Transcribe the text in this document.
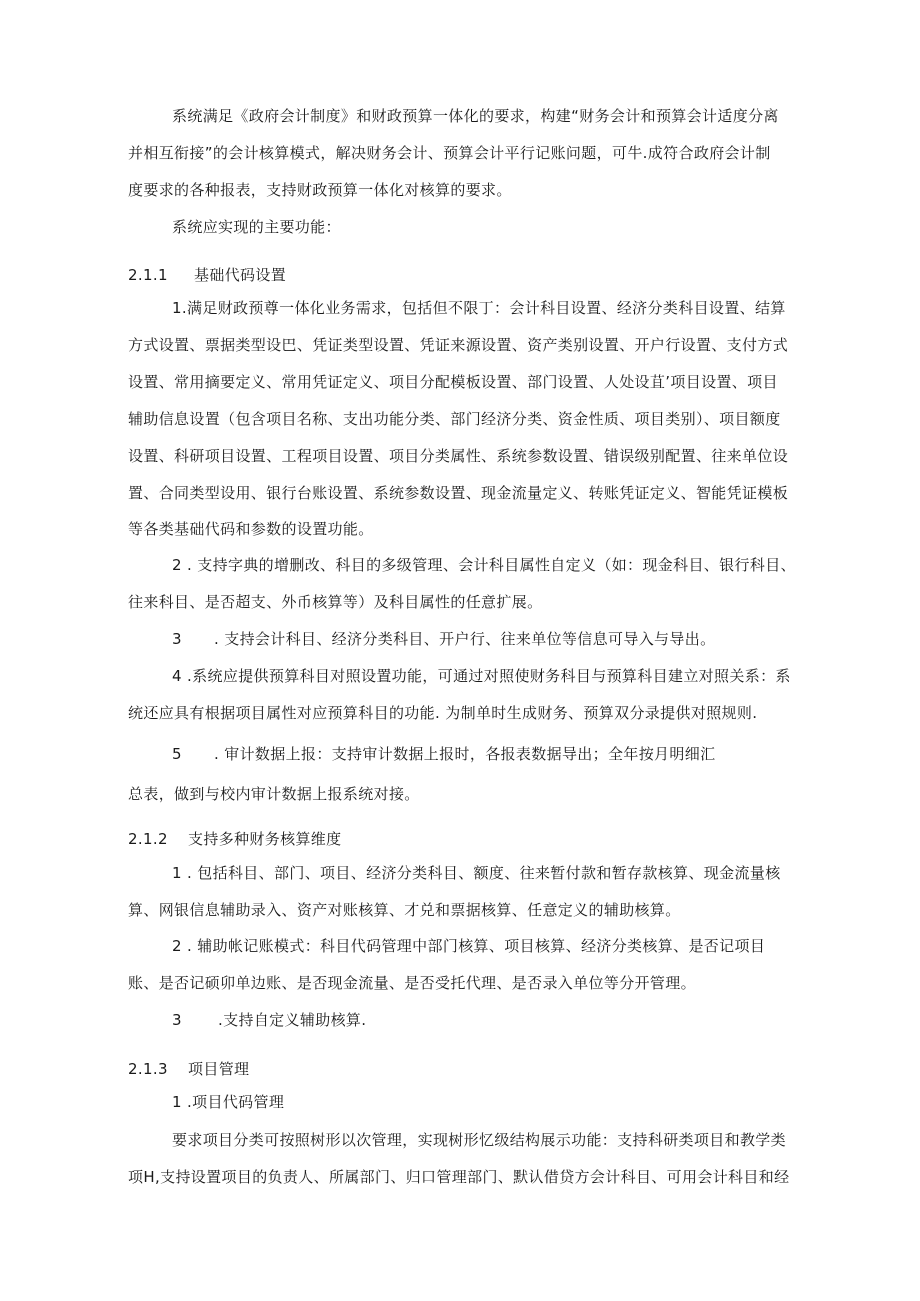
系统满足《政府会计制度》和财政预算一体化的要求，构建“财务会计和预算会计适度分离
并相互衔接”的会计核算模式，解决财务会计、预算会计平行记账问题，可牛.成符合政府会计制
度要求的各种报表，支持财政预算一体化对核算的要求。
系统应实现的主要功能：
2.1.1 基础代码设置
1.满足财政预尊一体化业务需求，包括但不限丁：会计科目设置、经济分类科目设置、结算
方式设置、票据类型设巴、凭证类型设置、凭证来源设置、资产类别设置、开户行设置、支付方式
设置、常用摘要定义、常用凭证定义、项目分配模板设置、部门设置、人处设苴’项目设置、项目
辅助信息设置（包含项目名称、支出功能分类、部门经济分类、资金性质、项目类别）、项目额度
设置、科研项目设置、工程项目设置、项目分类属性、系统参数设置、错误级别配置、往来单位设
置、合同类型设用、银行台账设置、系统参数设置、现金流量定义、转账凭证定义、智能凭证模板
等各类基础代码和参数的设置功能。
2 . 支持字典的增删改、科目的多级管理、会计科目属性自定义（如：现金科目、银行科目、
往来科目、是否超支、外币核算等）及科目属性的任意扩展。
3 . 支持会计科目、经济分类科目、开户行、往来单位等信息可导入与导出。
4 .系统应提供预算科目对照设置功能，可通过对照使财务科目与预算科目建立对照关系：系
统还应具有根据项目属性对应预算科目的功能. 为制单时生成财务、预算双分录提供对照规则.
5 . 审计数据上报：支持审计数据上报时，各报表数据导出；全年按月明细汇
总表，做到与校内审计数据上报系统对接。
2.1.2 支持多种财务核算维度
1 . 包括科目、部门、项目、经济分类科目、额度、往来暂付款和暂存款核算、现金流量核
算、网银信息辅助录入、资产对账核算、才兑和票据核算、任意定义的辅助核算。
2 . 辅助帐记账模式：科目代码管理中部门核算、项目核算、经济分类核算、是否记项目
账、是否记硕卯单边账、是否现金流量、是否受托代理、是否录入单位等分开管理。
3 .支持自定义辅助核算.
2.1.3 项目管理
1 .项目代码管理
要求项目分类可按照树形以次管理，实现树形忆级结构展示功能：支持科研类项目和教学类
项H,支持设置项目的负责人、所属部门、归口管理部门、默认借贷方会计科目、可用会计科目和经
